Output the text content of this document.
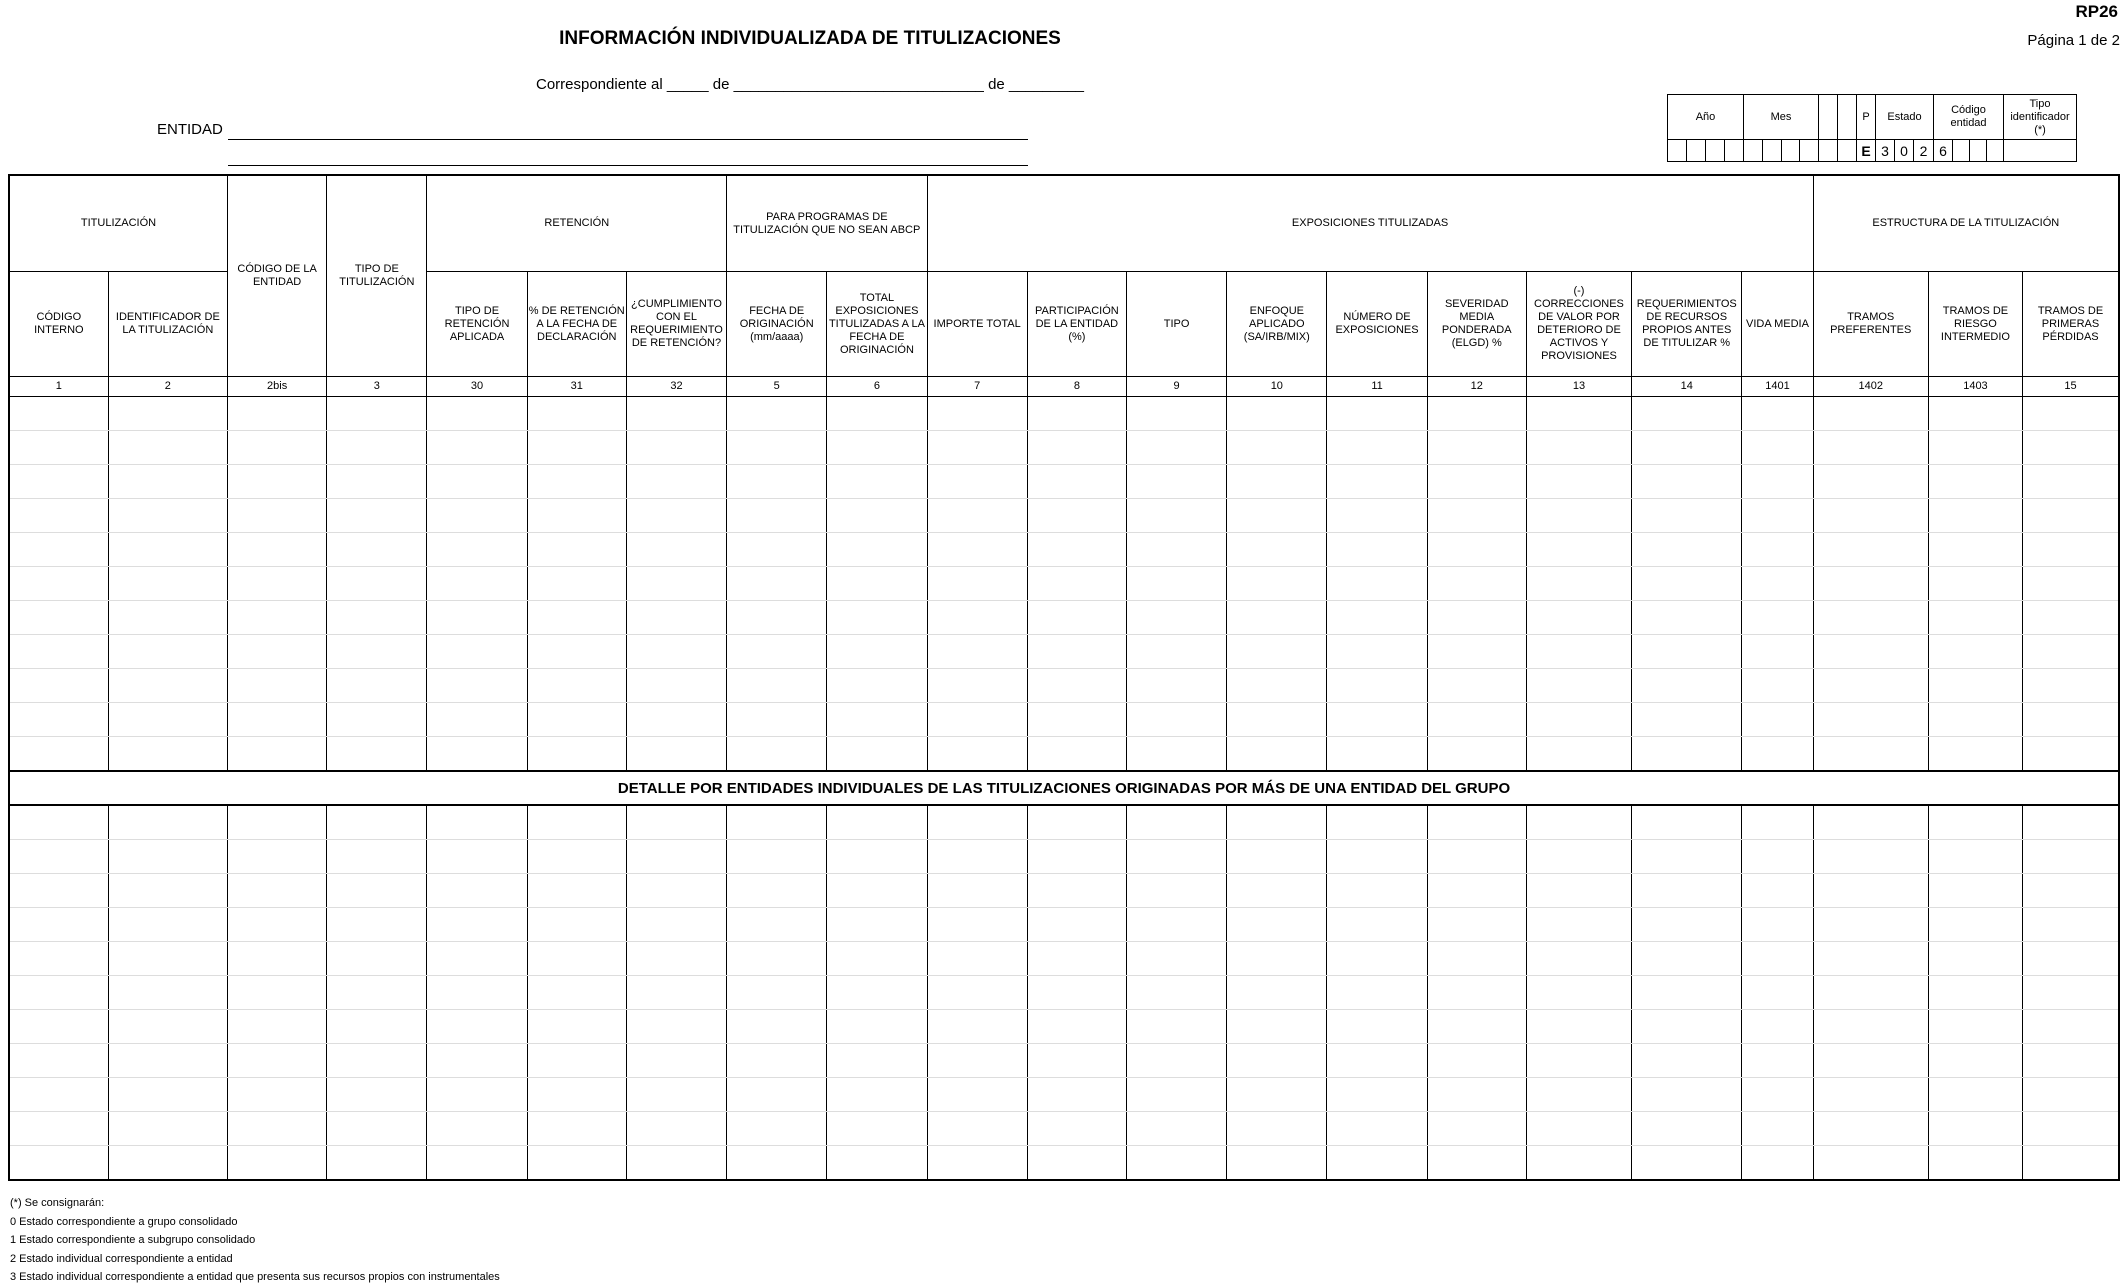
RP26
Página 1 de 2
INFORMACIÓN INDIVIDUALIZADA DE TITULIZACIONES
Correspondiente al _____ de ______________________________ de _________
ENTIDAD
Año				Mes						P	Estado			Código entidad				Tipo identificador (*)
										E	3	0	2	6				
TITULIZACIÓN		CÓDIGO DE LA ENTIDAD	TIPO DE TITULIZACIÓN	RETENCIÓN			PARA PROGRAMAS DE TITULIZACIÓN QUE NO SEAN ABCP		EXPOSICIONES TITULIZADAS									ESTRUCTURA DE LA TITULIZACIÓN		
CÓDIGO INTERNO	IDENTIFICADOR DE LA TITULIZACIÓN			TIPO DE RETENCIÓN APLICADA	% DE RETENCIÓN A LA FECHA DE DECLARACIÓN	¿CUMPLIMIENTO CON EL REQUERIMIENTO DE RETENCIÓN?	FECHA DE ORIGINACIÓN (mm/aaaa)	TOTAL EXPOSICIONES TITULIZADAS A LA FECHA DE ORIGINACIÓN	IMPORTE TOTAL	PARTICIPACIÓN DE LA ENTIDAD (%)	TIPO	ENFOQUE APLICADO (SA/IRB/MIX)	NÚMERO DE EXPOSICIONES	SEVERIDAD MEDIA PONDERADA (ELGD) %	(-) CORRECCIONES DE VALOR POR DETERIORO DE ACTIVOS Y PROVISIONES	REQUERIMIENTOS DE RECURSOS PROPIOS ANTES DE TITULIZAR %	VIDA MEDIA	TRAMOS PREFERENTES	TRAMOS DE RIESGO INTERMEDIO	TRAMOS DE PRIMERAS PÉRDIDAS
1	2	2bis	3	30	31	32	5	6	7	8	9	10	11	12	13	14	1401	1402	1403	15

DETALLE POR ENTIDADES INDIVIDUALES DE LAS TITULIZACIONES ORIGINADAS POR MÁS DE UNA ENTIDAD DEL GRUPO																				

(*) Se consignarán:
0 Estado correspondiente a grupo consolidado
1 Estado correspondiente a subgrupo consolidado
2 Estado individual correspondiente a entidad
3 Estado individual correspondiente a entidad que presenta sus recursos propios con instrumentales
